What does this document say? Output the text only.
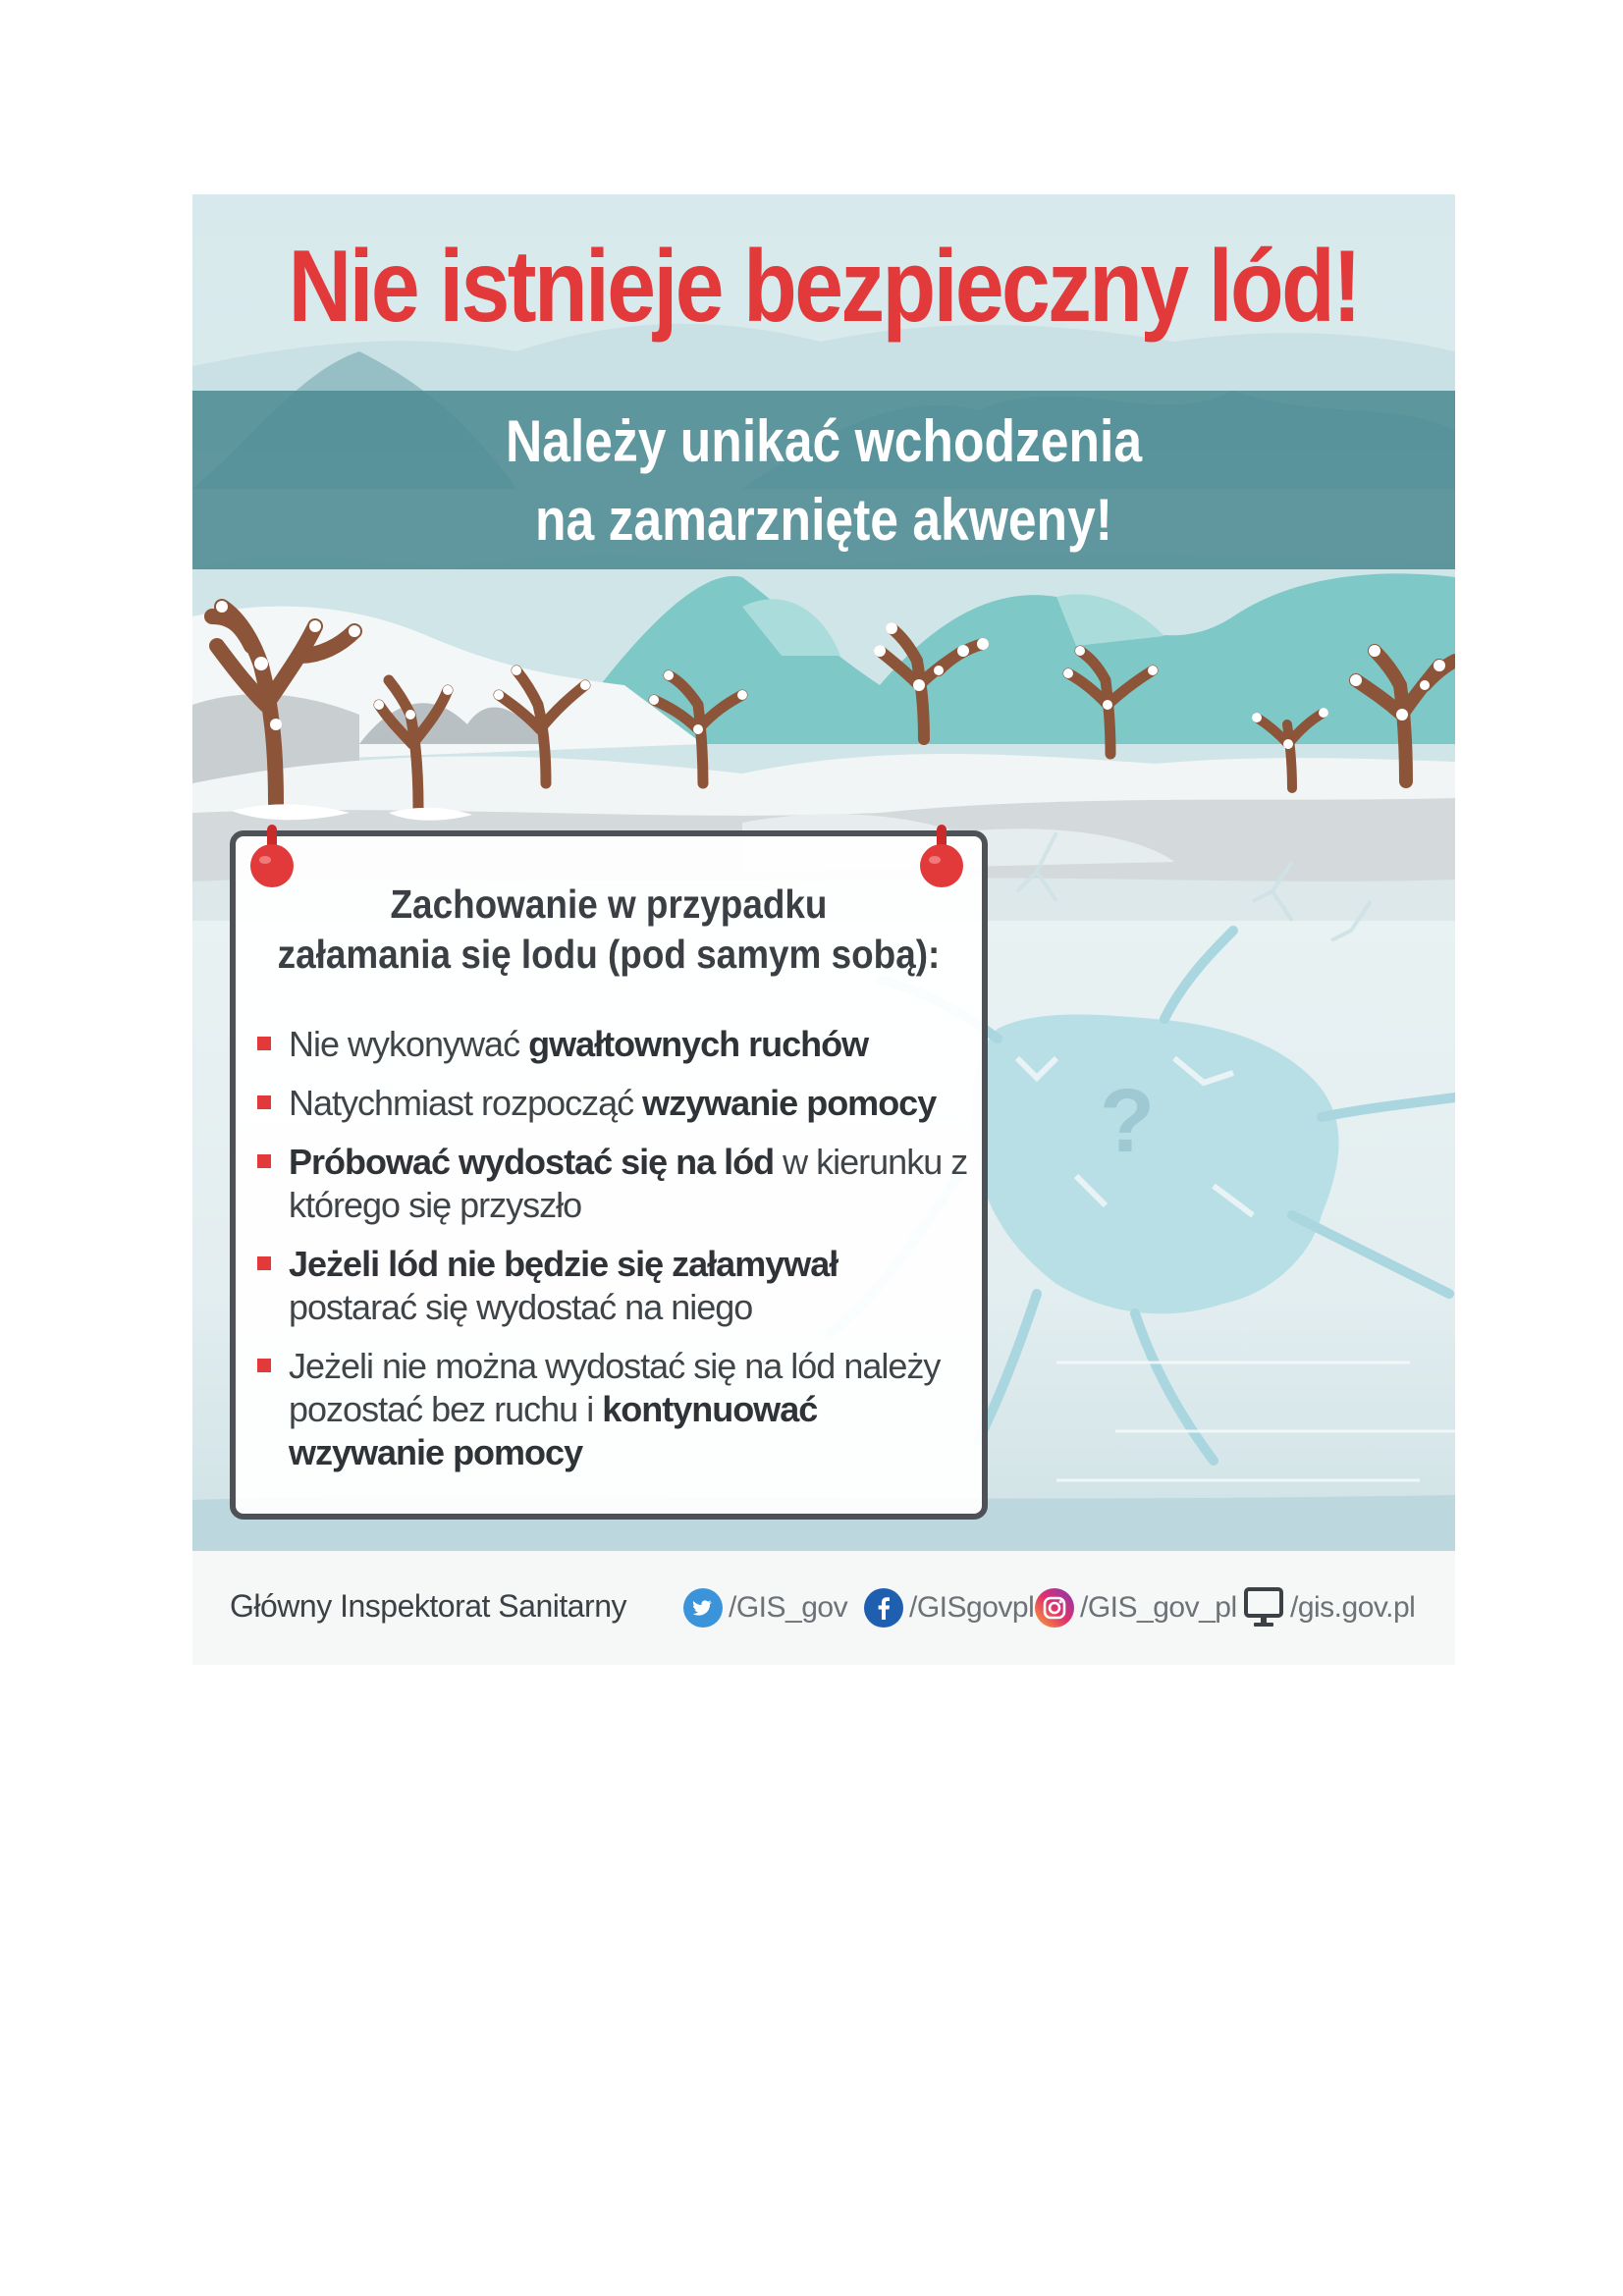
?
Nie istnieje bezpieczny lód!
Należy unikać wchodzenia
na zamarznięte akweny!
Zachowanie w przypadku
załamania się lodu (pod samym sobą):
Nie wykonywać gwałtownych ruchów
Natychmiast rozpocząć wzywanie pomocy
Próbować wydostać się na lód w kierunku z którego się przyszło
Jeżeli lód nie będzie się załamywał postarać się wydostać na niego
Jeżeli nie można wydostać się na lód należy pozostać bez ruchu i kontynuować wzywanie pomocy
Główny Inspektorat Sanitarny	/GIS_gov /GISgovpl /GIS_gov_pl /gis.gov.pl
